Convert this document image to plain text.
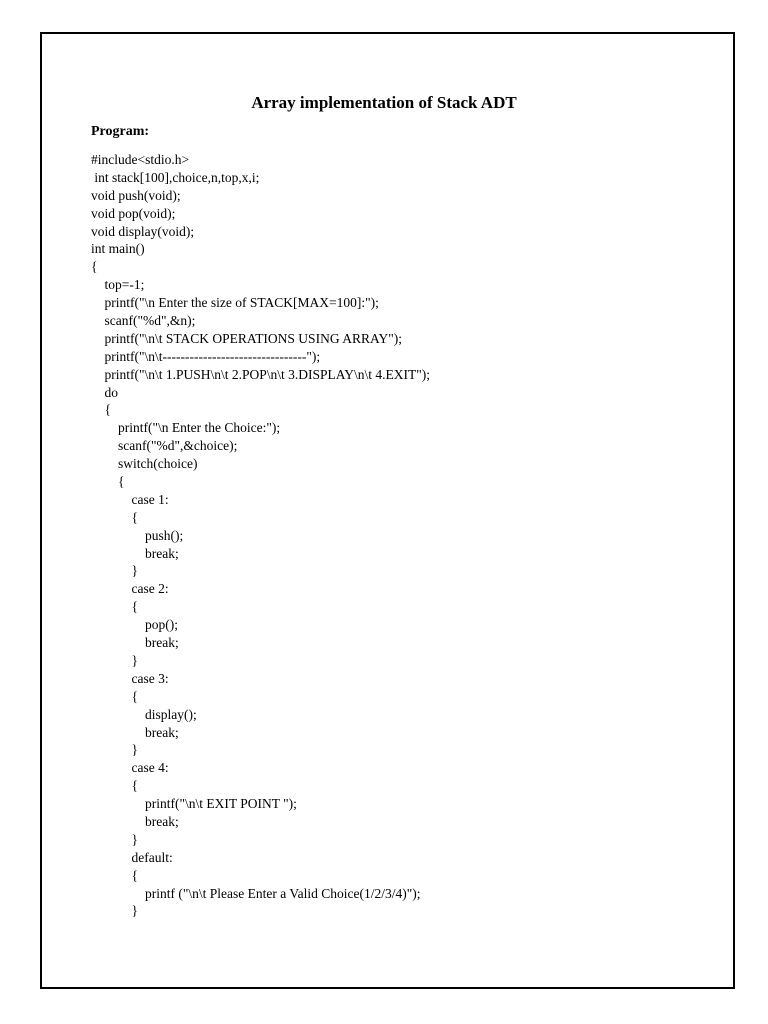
Array implementation of Stack ADT
Program:
#include<stdio.h>
int stack[100],choice,n,top,x,i;
void push(void);
void pop(void);
void display(void);
int main()
{
top=-1;
printf("\n Enter the size of STACK[MAX=100]:");
scanf("%d",&n);
printf("\n\t STACK OPERATIONS USING ARRAY");
printf("\n\t--------------------------------");
printf("\n\t 1.PUSH\n\t 2.POP\n\t 3.DISPLAY\n\t 4.EXIT");
do
{
printf("\n Enter the Choice:");
scanf("%d",&choice);
switch(choice)
{
case 1:
{
push();
break;
}
case 2:
{
pop();
break;
}
case 3:
{
display();
break;
}
case 4:
{
printf("\n\t EXIT POINT ");
break;
}
default:
{
printf ("\n\t Please Enter a Valid Choice(1/2/3/4)");
}
